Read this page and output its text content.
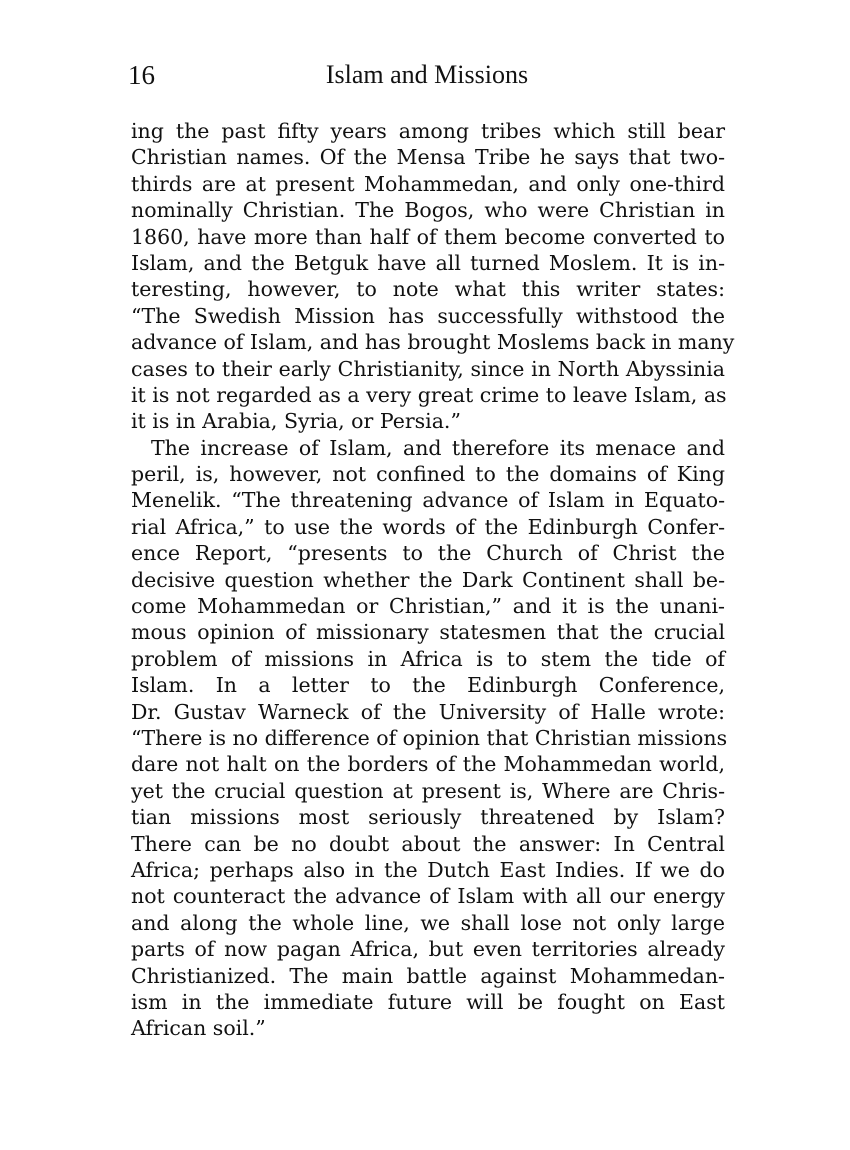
16	Islam and Missions
ing the past fifty years among tribes which still bear
Christian names. Of the Mensa Tribe he says that two-
thirds are at present Mohammedan, and only one-third
nominally Christian. The Bogos, who were Christian in
1860, have more than half of them become converted to
Islam, and the Betguk have all turned Moslem. It is in-
teresting, however, to note what this writer states:
“The Swedish Mission has successfully withstood the
advance of Islam, and has brought Moslems back in many
cases to their early Christianity, since in North Abyssinia
it is not regarded as a very great crime to leave Islam, as
it is in Arabia, Syria, or Persia.”
The increase of Islam, and therefore its menace and
peril, is, however, not confined to the domains of King
Menelik. “The threatening advance of Islam in Equato-
rial Africa,” to use the words of the Edinburgh Confer-
ence Report, “presents to the Church of Christ the
decisive question whether the Dark Continent shall be-
come Mohammedan or Christian,” and it is the unani-
mous opinion of missionary statesmen that the crucial
problem of missions in Africa is to stem the tide of
Islam. In a letter to the Edinburgh Conference,
Dr. Gustav Warneck of the University of Halle wrote:
“There is no difference of opinion that Christian missions
dare not halt on the borders of the Mohammedan world,
yet the crucial question at present is, Where are Chris-
tian missions most seriously threatened by Islam?
There can be no doubt about the answer: In Central
Africa; perhaps also in the Dutch East Indies. If we do
not counteract the advance of Islam with all our energy
and along the whole line, we shall lose not only large
parts of now pagan Africa, but even territories already
Christianized. The main battle against Mohammedan-
ism in the immediate future will be fought on East
African soil.”
